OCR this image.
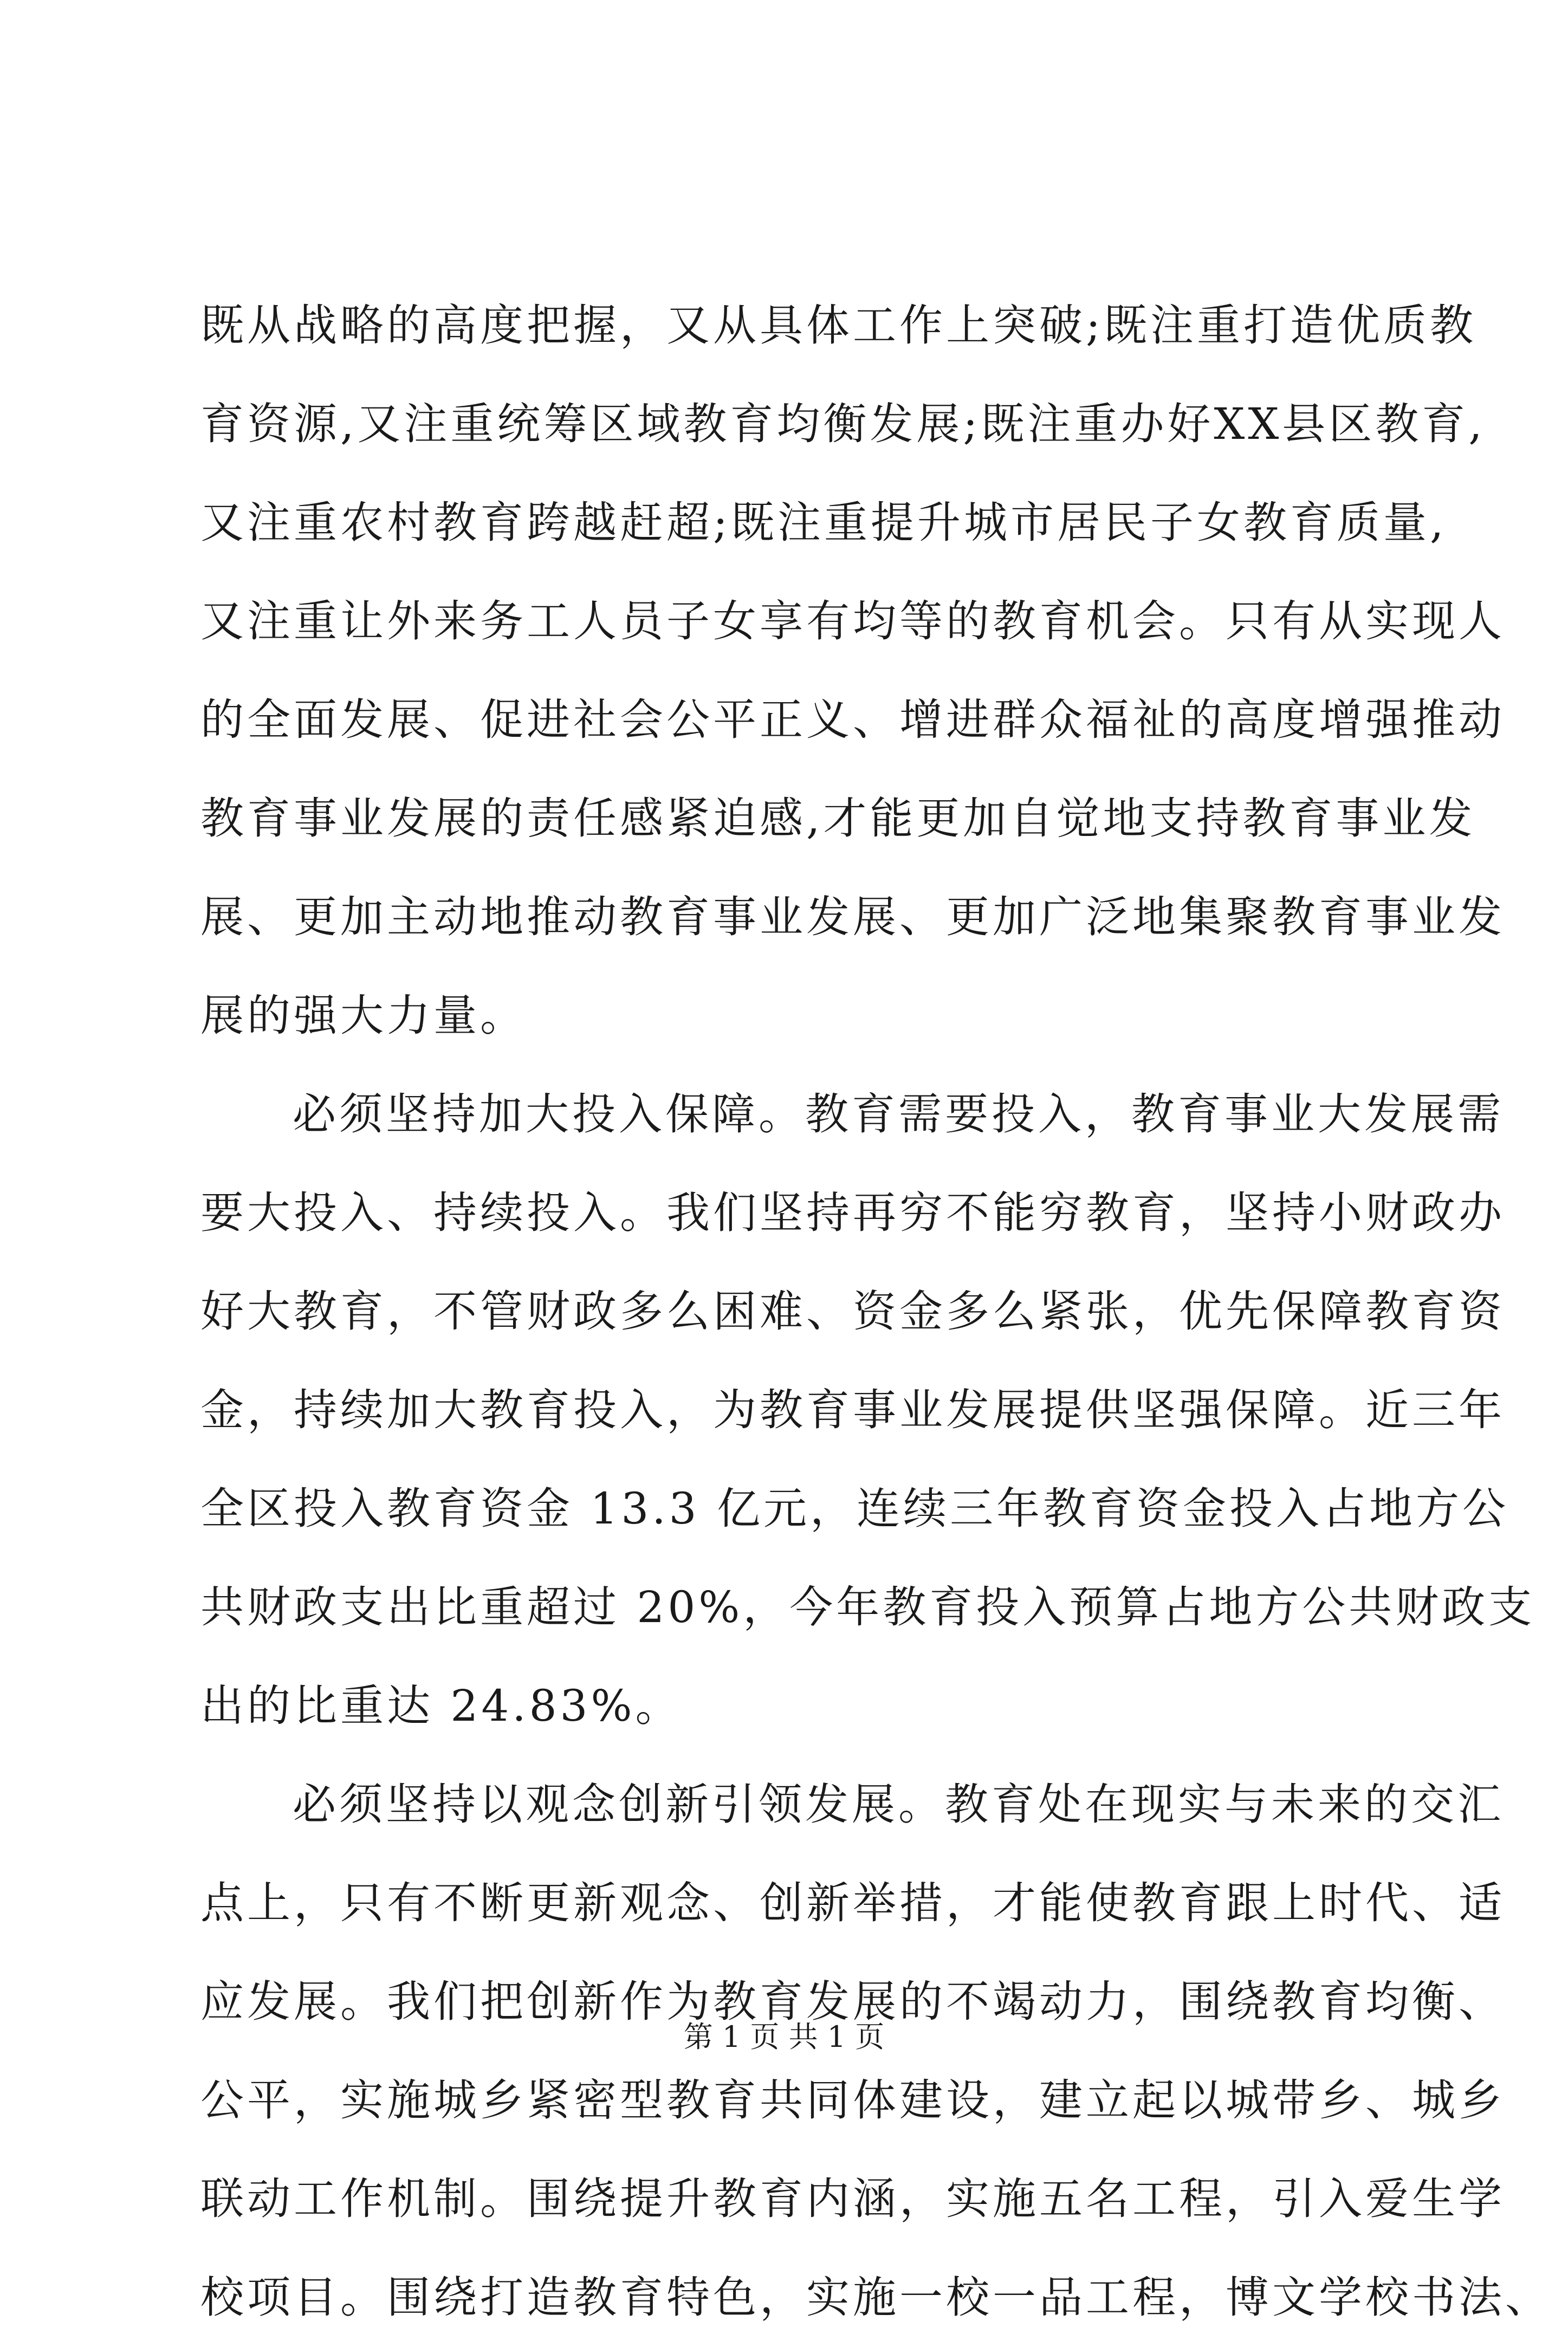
既从战略的高度把握，又从具体工作上突破;既注重打造优质教
育资源,又注重统筹区域教育均衡发展;既注重办好XX县区教育,
又注重农村教育跨越赶超;既注重提升城市居民子女教育质量,
又注重让外来务工人员子女享有均等的教育机会。只有从实现人
的全面发展、促进社会公平正义、增进群众福祉的高度增强推动
教育事业发展的责任感紧迫感,才能更加自觉地支持教育事业发
展、更加主动地推动教育事业发展、更加广泛地集聚教育事业发
展的强大力量。
必须坚持加大投入保障。教育需要投入，教育事业大发展需
要大投入、持续投入。我们坚持再穷不能穷教育，坚持小财政办
好大教育，不管财政多么困难、资金多么紧张，优先保障教育资
金，持续加大教育投入，为教育事业发展提供坚强保障。近三年
全区投入教育资金 13.3 亿元，连续三年教育资金投入占地方公
共财政支出比重超过 20%，今年教育投入预算占地方公共财政支
出的比重达 24.83%。
必须坚持以观念创新引领发展。教育处在现实与未来的交汇
点上，只有不断更新观念、创新举措，才能使教育跟上时代、适
应发展。我们把创新作为教育发展的不竭动力，围绕教育均衡、
公平，实施城乡紧密型教育共同体建设，建立起以城带乡、城乡
联动工作机制。围绕提升教育内涵，实施五名工程，引入爱生学
校项目。围绕打造教育特色，实施一校一品工程，博文学校书法、
第 1 页 共 1 页
